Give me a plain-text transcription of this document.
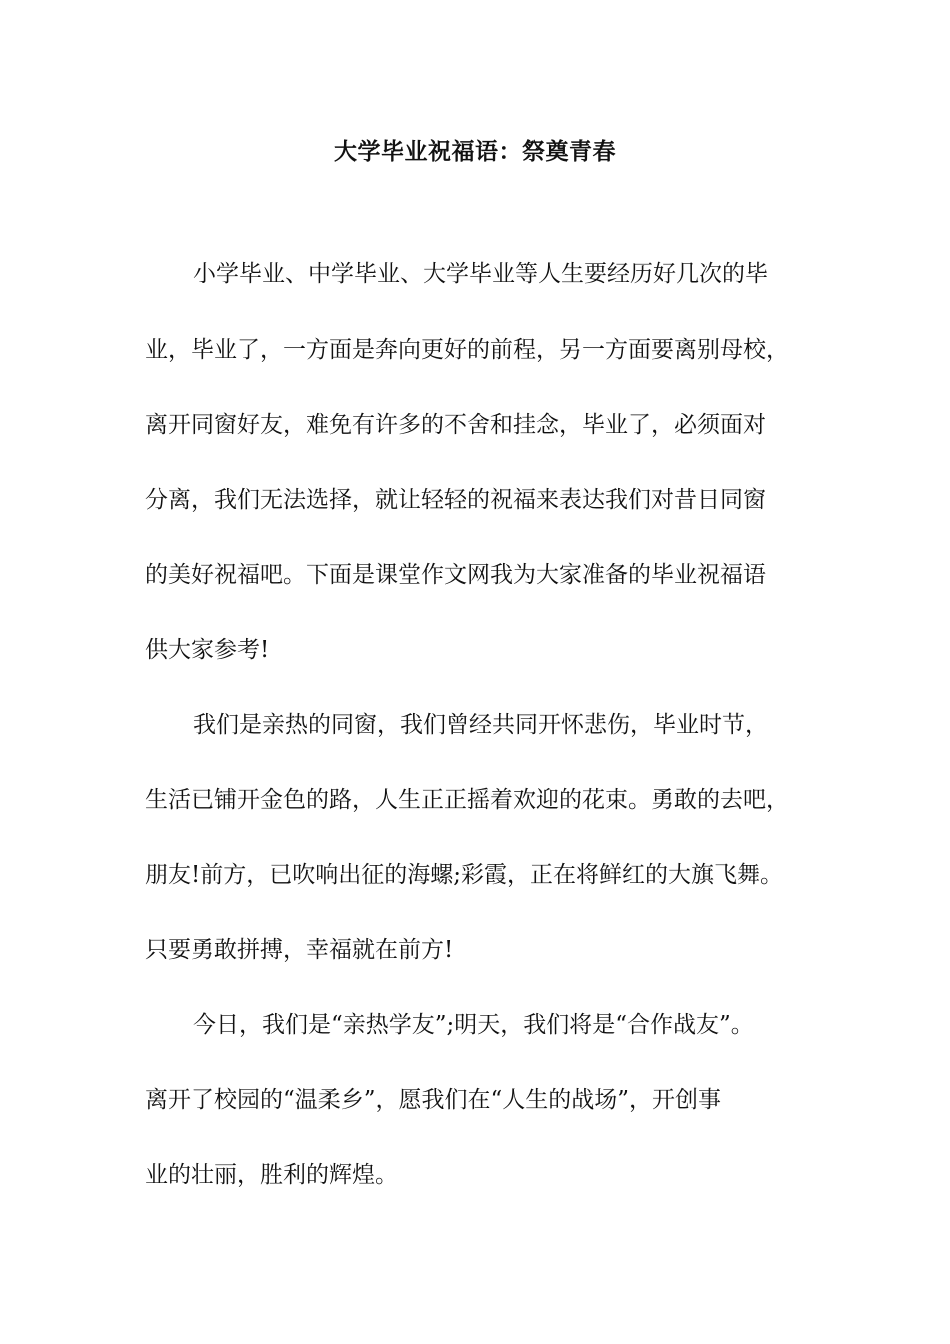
大学毕业祝福语：祭奠青春
小学毕业、中学毕业、大学毕业等人生要经历好几次的毕
业，毕业了，一方面是奔向更好的前程，另一方面要离别母校，
离开同窗好友，难免有许多的不舍和挂念，毕业了，必须面对
分离，我们无法选择，就让轻轻的祝福来表达我们对昔日同窗
的美好祝福吧。下面是课堂作文网我为大家准备的毕业祝福语
供大家参考!
我们是亲热的同窗，我们曾经共同开怀悲伤，毕业时节，
生活已铺开金色的路，人生正正摇着欢迎的花束。勇敢的去吧，
朋友!前方，已吹响出征的海螺;彩霞，正在将鲜红的大旗飞舞。
只要勇敢拼搏，幸福就在前方!
今日，我们是“亲热学友”;明天，我们将是“合作战友”。
离开了校园的“温柔乡”，愿我们在“人生的战场”，开创事
业的壮丽，胜利的辉煌。
